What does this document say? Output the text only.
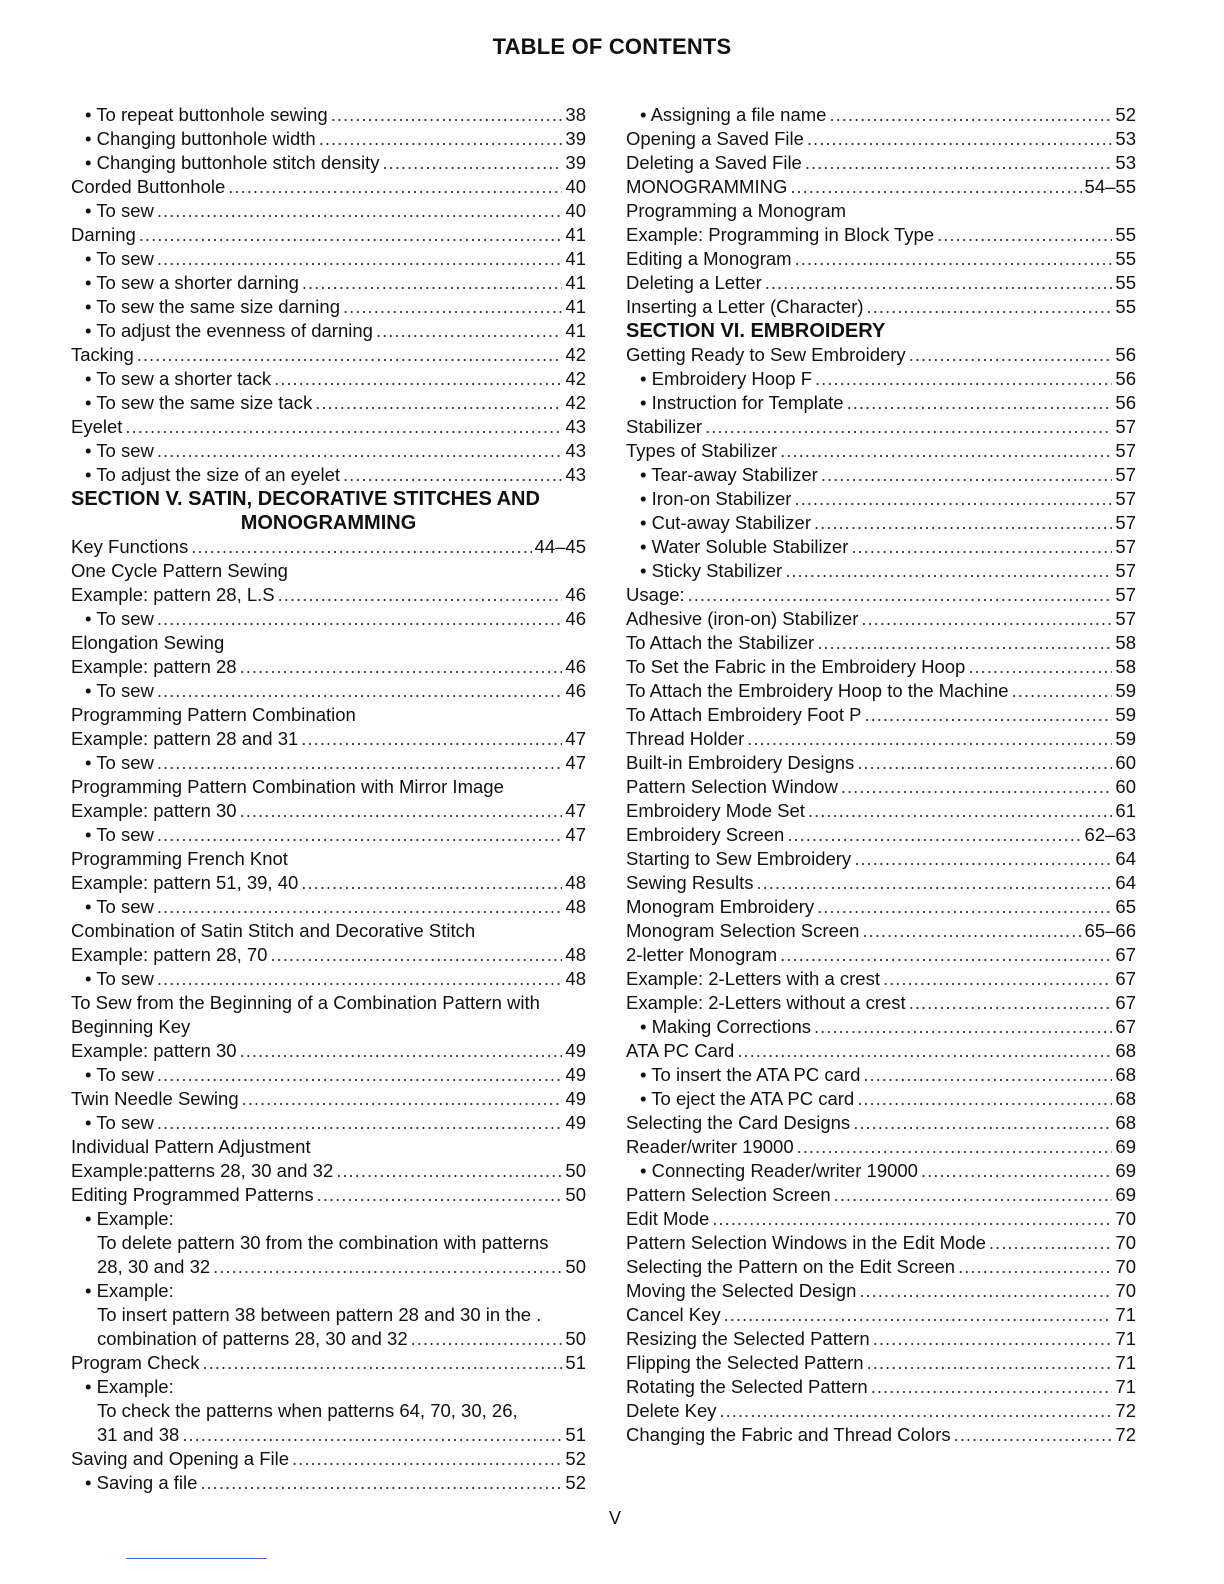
TABLE OF CONTENTS
• To repeat buttonhole sewing .....	38
• Changing buttonhole width .....	39
• Changing buttonhole stitch density .....	39
Corded Buttonhole .....	40
• To sew .....	40
Darning .....	41
• To sew .....	41
• To sew a shorter darning .....	41
• To sew the same size darning .....	41
• To adjust the evenness of darning .....	41
Tacking .....	42
• To sew a shorter tack .....	42
• To sew the same size tack .....	42
Eyelet .....	43
• To sew .....	43
• To adjust the size of an eyelet .....	43
SECTION V. SATIN, DECORATIVE STITCHES AND
MONOGRAMMING
Key Functions .....	44–45
One Cycle Pattern Sewing
Example: pattern 28, L.S .....	46
• To sew .....	46
Elongation Sewing
Example: pattern 28 .....	46
• To sew .....	46
Programming Pattern Combination
Example: pattern 28 and 31 .....	47
• To sew .....	47
Programming Pattern Combination with Mirror Image
Example: pattern 30 .....	47
• To sew .....	47
Programming French Knot
Example: pattern 51, 39, 40 .....	48
• To sew .....	48
Combination of Satin Stitch and Decorative Stitch
Example: pattern 28, 70 .....	48
• To sew .....	48
To Sew from the Beginning of a Combination Pattern with
Beginning Key
Example: pattern 30 .....	49
• To sew .....	49
Twin Needle Sewing .....	49
• To sew .....	49
Individual Pattern Adjustment
Example:patterns 28, 30 and 32 .....	50
Editing Programmed Patterns .....	50
• Example:
To delete pattern 30 from the combination with patterns
28, 30 and 32 .....	50
• Example:
To insert pattern 38 between pattern 28 and 30 in the .
combination of patterns 28, 30 and 32 .....	50
Program Check .....	51
• Example:
To check the patterns when patterns 64, 70, 30, 26,
31 and 38 .....	51
Saving and Opening a File .....	52
• Saving a file .....	52
• Assigning a file name .....	52
Opening a Saved File .....	53
Deleting a Saved File .....	53
MONOGRAMMING .....	54–55
Programming a Monogram
Example: Programming in Block Type .....	55
Editing a Monogram .....	55
Deleting a Letter .....	55
Inserting a Letter (Character) .....	55
SECTION VI. EMBROIDERY
Getting Ready to Sew Embroidery .....	56
• Embroidery Hoop F .....	56
• Instruction for Template .....	56
Stabilizer .....	57
Types of Stabilizer .....	57
• Tear-away Stabilizer .....	57
• Iron-on Stabilizer .....	57
• Cut-away Stabilizer .....	57
• Water Soluble Stabilizer .....	57
• Sticky Stabilizer .....	57
Usage: .....	57
Adhesive (iron-on) Stabilizer .....	57
To Attach the Stabilizer .....	58
To Set the Fabric in the Embroidery Hoop .....	58
To Attach the Embroidery Hoop to the Machine .....	59
To Attach Embroidery Foot P .....	59
Thread Holder .....	59
Built-in Embroidery Designs .....	60
Pattern Selection Window .....	60
Embroidery Mode Set .....	61
Embroidery Screen .....	62–63
Starting to Sew Embroidery .....	64
Sewing Results .....	64
Monogram Embroidery .....	65
Monogram Selection Screen .....	65–66
2-letter Monogram .....	67
Example: 2-Letters with a crest .....	67
Example: 2-Letters without a crest .....	67
• Making Corrections .....	67
ATA PC Card .....	68
• To insert the ATA PC card .....	68
• To eject the ATA PC card .....	68
Selecting the Card Designs .....	68
Reader/writer 19000 .....	69
• Connecting Reader/writer 19000 .....	69
Pattern Selection Screen .....	69
Edit Mode .....	70
Pattern Selection Windows in the Edit Mode .....	70
Selecting the Pattern on the Edit Screen .....	70
Moving the Selected Design .....	70
Cancel Key .....	71
Resizing the Selected Pattern .....	71
Flipping the Selected Pattern .....	71
Rotating the Selected Pattern .....	71
Delete Key .....	72
Changing the Fabric and Thread Colors .....	72
V
